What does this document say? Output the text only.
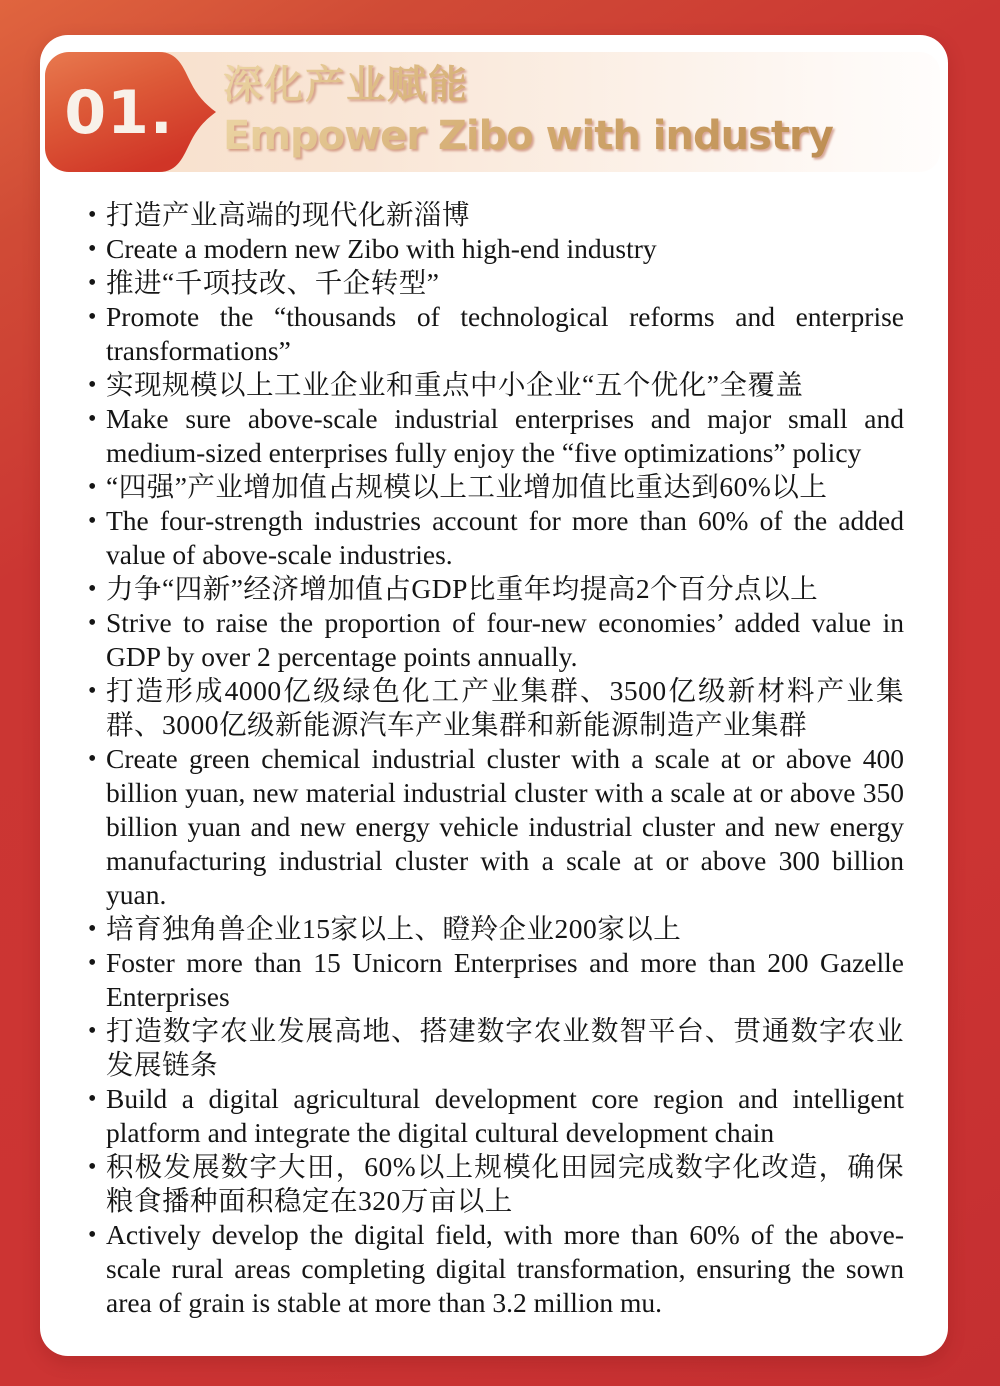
01.	深化产业赋能
Empower Zibo with industry
• 打造产业高端的现代化新淄博
• Create a modern new Zibo with high-end industry
• 推进“千项技改、千企转型”
• Promote the “thousands of technological reforms and enterprise transformations”
• 实现规模以上工业企业和重点中小企业“五个优化”全覆盖
• Make sure above-scale industrial enterprises and major small and medium-sized enterprises fully enjoy the “five optimizations” policy
• “四强”产业增加值占规模以上工业增加值比重达到60%以上
• The four-strength industries account for more than 60% of the added value of above-scale industries.
• 力争“四新”经济增加值占GDP比重年均提高2个百分点以上
• Strive to raise the proportion of four-new economies’ added value in GDP by over 2 percentage points annually.
• 打造形成4000亿级绿色化工产业集群、3500亿级新材料产业集群、3000亿级新能源汽车产业集群和新能源制造产业集群
• Create green chemical industrial cluster with a scale at or above 400 billion yuan, new material industrial cluster with a scale at or above 350 billion yuan and new energy vehicle industrial cluster and new energy manufacturing industrial cluster with a scale at or above 300 billion yuan.
• 培育独角兽企业15家以上、瞪羚企业200家以上
• Foster more than 15 Unicorn Enterprises and more than 200 Gazelle Enterprises
• 打造数字农业发展高地、搭建数字农业数智平台、贯通数字农业发展链条
• Build a digital agricultural development core region and intelligent platform and integrate the digital cultural development chain
• 积极发展数字大田，60%以上规模化田园完成数字化改造，确保粮食播种面积稳定在320万亩以上
• Actively develop the digital field, with more than 60% of the above-scale rural areas completing digital transformation, ensuring the sown area of grain is stable at more than 3.2 million mu.
